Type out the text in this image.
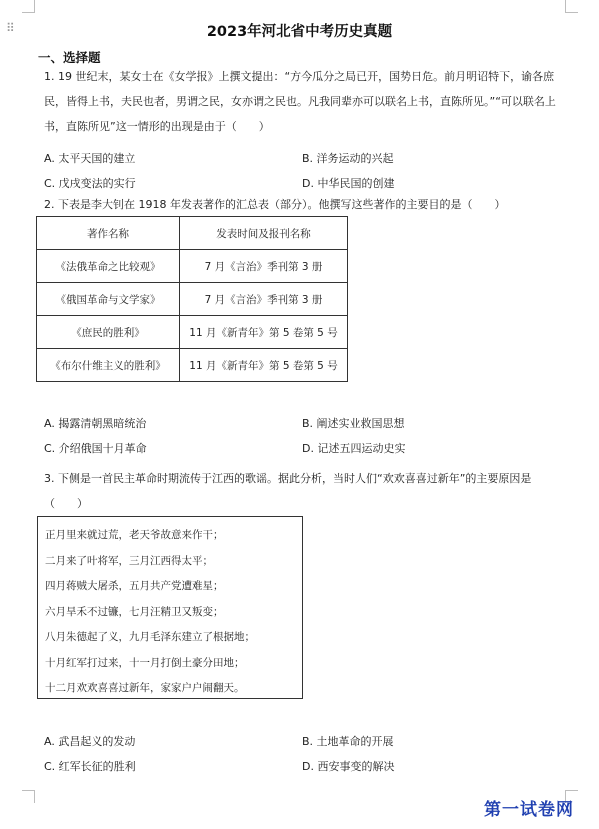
⠿	2023年河北省中考历史真题
一、选择题
1. 19 世纪末，某女士在《女学报》上撰文提出：“方今瓜分之局已开，国势日危。前月明诏特下，谕各庶民，皆得上书，夫民也者，男谓之民，女亦谓之民也。凡我同辈亦可以联名上书，直陈所见。”“可以联名上书，直陈所见”这一情形的出现是由于（　　）
A. 太平天国的建立	B. 洋务运动的兴起
C. 戊戌变法的实行	D. 中华民国的创建
2. 下表是李大钊在 1918 年发表著作的汇总表（部分）。他撰写这些著作的主要目的是（　　）
著作名称	发表时间及报刊名称
《法俄革命之比较观》	7 月《言治》季刊第 3 册
《俄国革命与文学家》	7 月《言治》季刊第 3 册
《庶民的胜利》	11 月《新青年》第 5 卷第 5 号
《布尔什维主义的胜利》	11 月《新青年》第 5 卷第 5 号
A. 揭露清朝黑暗统治	B. 阐述实业救国思想
C. 介绍俄国十月革命	D. 记述五四运动史实
3. 下侧是一首民主革命时期流传于江西的歌谣。据此分析，当时人们“欢欢喜喜过新年”的主要原因是（　　）
正月里来就过荒，老天爷故意来作干；
二月来了叶将军，三月江西得太平；
四月蒋贼大屠杀，五月共产党遭难星；
六月旱禾不过镰，七月汪精卫又叛变；
八月朱德起了义，九月毛泽东建立了根据地；
十月红军打过来，十一月打倒土豪分田地；
十二月欢欢喜喜过新年，家家户户闹翻天。
A. 武昌起义的发动	B. 土地革命的开展
C. 红军长征的胜利	D. 西安事变的解决
第一试卷网
